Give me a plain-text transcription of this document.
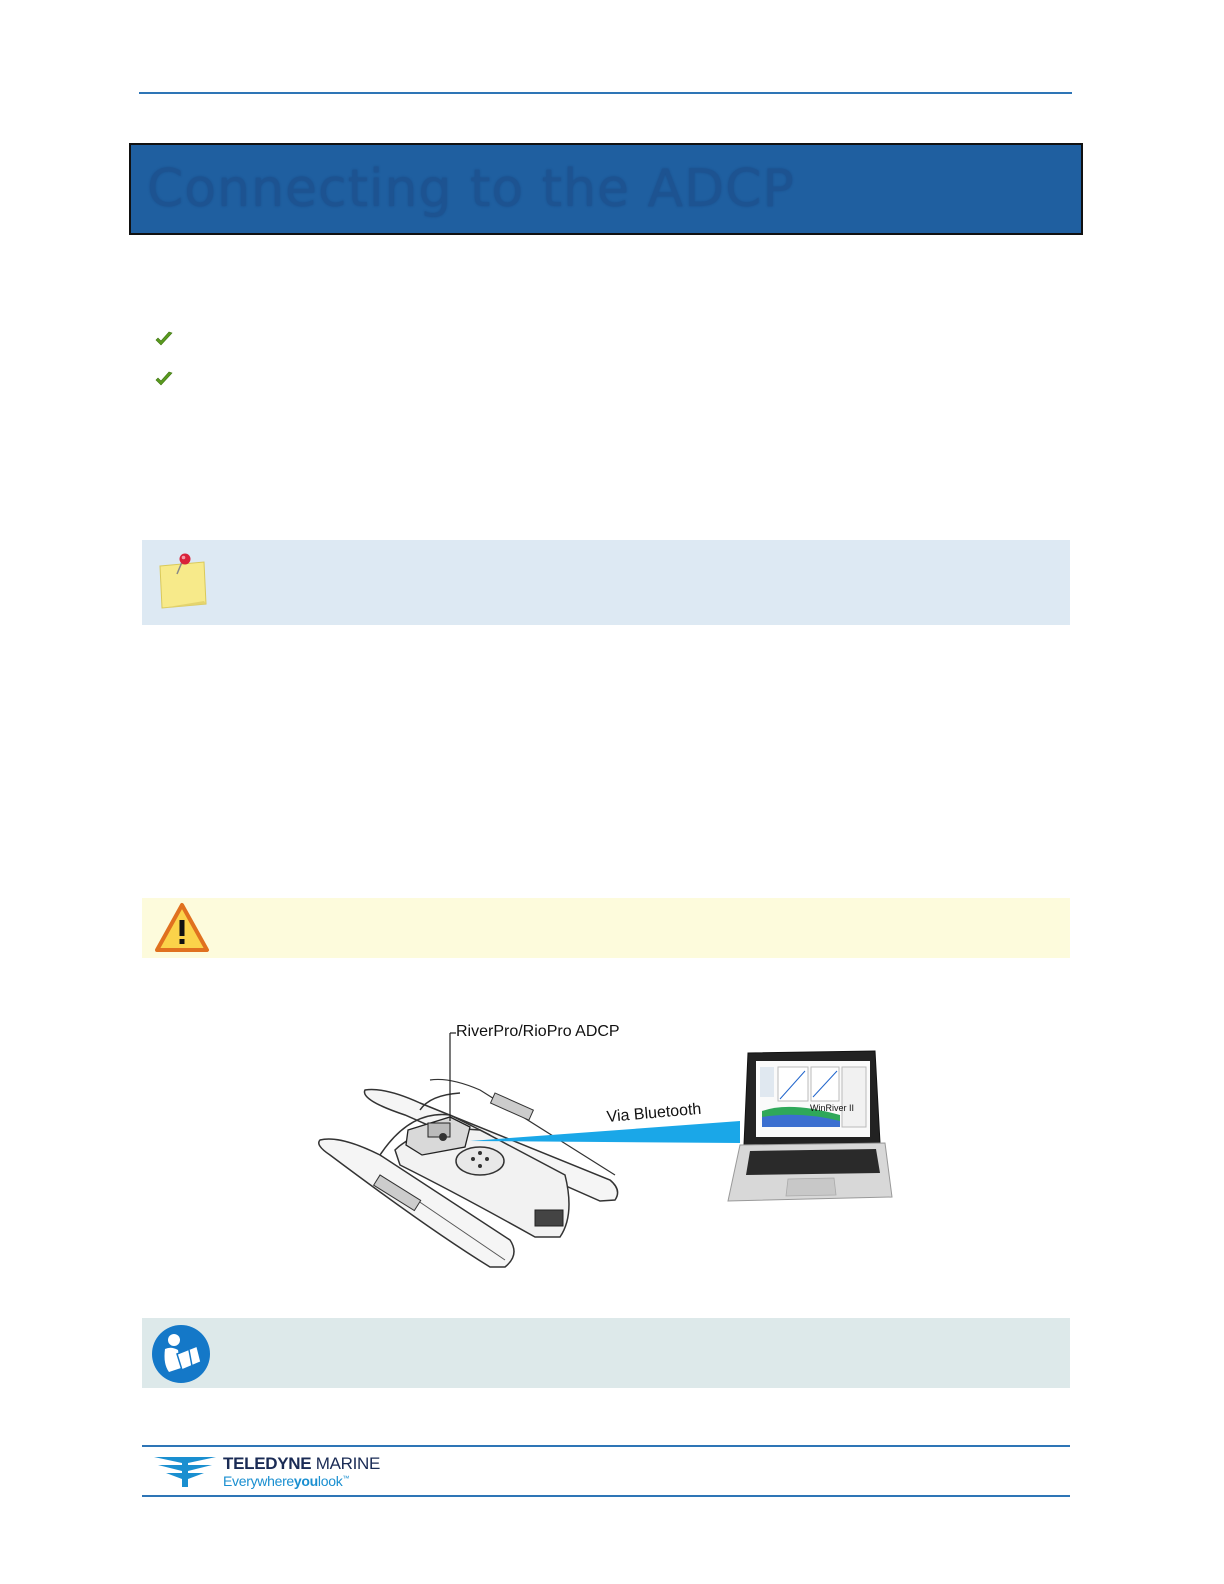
Connecting to the ADCP
RiverPro/RioPro ADCP
Via Bluetooth	WinRiver II
TELEDYNE MARINE
Everywhereyoulook™
